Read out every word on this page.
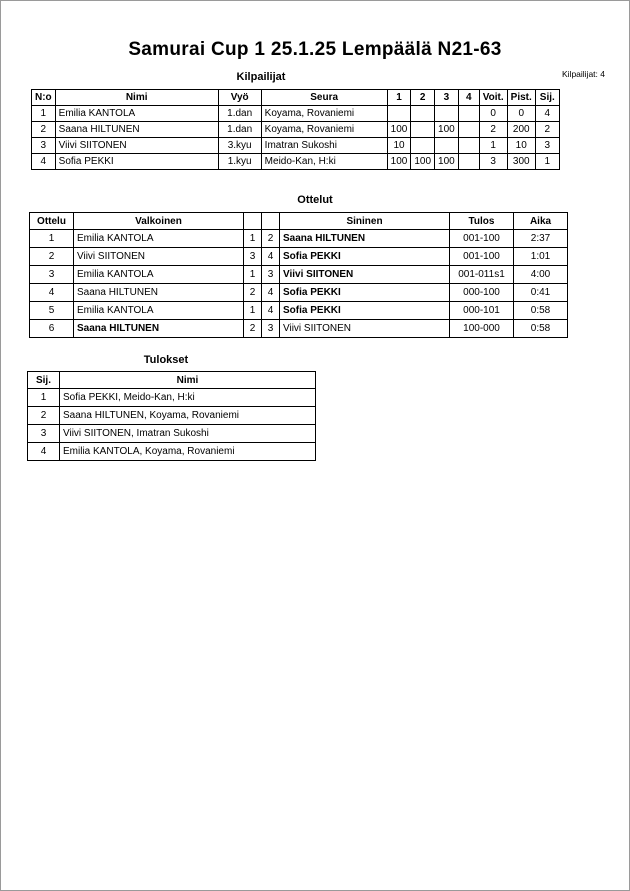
Samurai Cup 1 25.1.25 Lempäälä N21-63
Kilpailijat	Kilpailijat: 4
N:o	Nimi	Vyö	Seura	1	2	3	4	Voit.	Pist.	Sij.
1	Emilia KANTOLA	1.dan	Koyama, Rovaniemi					0	0	4
2	Saana HILTUNEN	1.dan	Koyama, Rovaniemi	100		100		2	200	2
3	Viivi SIITONEN	3.kyu	Imatran Sukoshi	10				1	10	3
4	Sofia PEKKI	1.kyu	Meido-Kan, H:ki	100	100	100		3	300	1
Ottelut
Ottelu	Valkoinen			Sininen	Tulos	Aika
1	Emilia KANTOLA	1	2	Saana HILTUNEN	001-100	2:37
2	Viivi SIITONEN	3	4	Sofia PEKKI	001-100	1:01
3	Emilia KANTOLA	1	3	Viivi SIITONEN	001-011s1	4:00
4	Saana HILTUNEN	2	4	Sofia PEKKI	000-100	0:41
5	Emilia KANTOLA	1	4	Sofia PEKKI	000-101	0:58
6	Saana HILTUNEN	2	3	Viivi SIITONEN	100-000	0:58
Tulokset
Sij.	Nimi
1	Sofia PEKKI, Meido-Kan, H:ki
2	Saana HILTUNEN, Koyama, Rovaniemi
3	Viivi SIITONEN, Imatran Sukoshi
4	Emilia KANTOLA, Koyama, Rovaniemi
